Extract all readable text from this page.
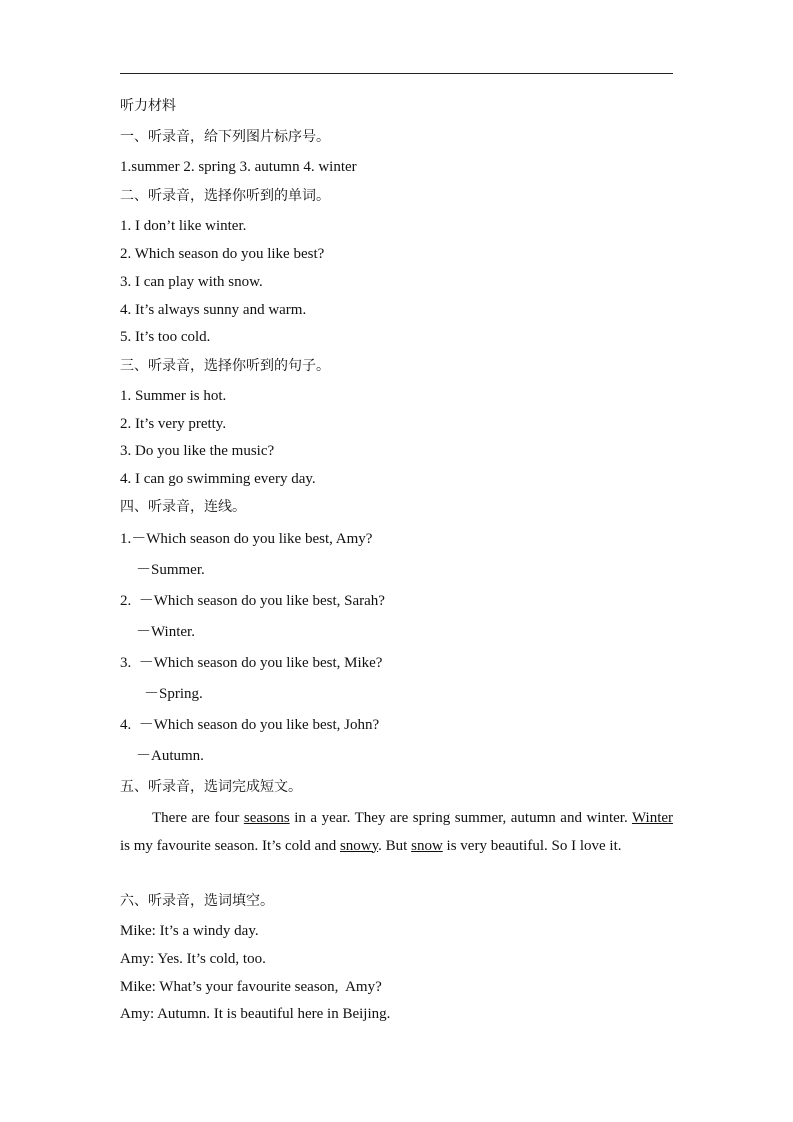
听力材料
一、听录音，给下列图片标序号。
1.summer 2. spring 3. autumn 4. winter
二、听录音，选择你听到的单词。
1. I don’t like winter.
2. Which season do you like best?
3. I can play with snow.
4. It’s always sunny and warm.
5. It’s too cold.
三、听录音，选择你听到的句子。
1. Summer is hot.
2. It’s very pretty.
3. Do you like the music?
4. I can go swimming every day.
四、听录音，连线。
1.－Which season do you like best, Amy?
－Summer.
2.  －Which season do you like best, Sarah?
－Winter.
3.  －Which season do you like best, Mike?
－Spring.
4.  －Which season do you like best, John?
－Autumn.
五、听录音，选词完成短文。
There are four seasons in a year. They are spring summer, autumn and winter. Winter is my favourite season. It’s cold and snowy. But snow is very beautiful. So I love it.
六、听录音，选词填空。
Mike: It’s a windy day.
Amy: Yes. It’s cold, too.
Mike: What’s your favourite season,  Amy?
Amy: Autumn. It is beautiful here in Beijing.
